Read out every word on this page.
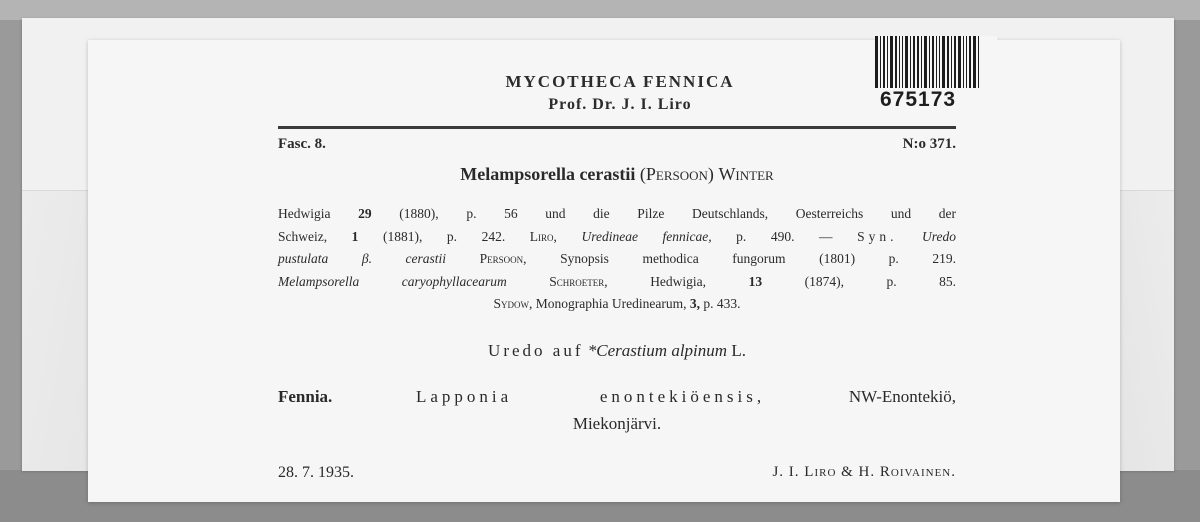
675173
MYCOTHECA FENNICA
Prof. Dr. J. I. Liro
Fasc. 8.	N:o 371.
Melampsorella cerastii (Persoon) Winter
Hedwigia 29 (1880), p. 56 und die Pilze Deutschlands, Oesterreichs und der
Schweiz, 1 (1881), p. 242. Liro, Uredineae fennicae, p. 490. — Syn. Uredo
pustulata β. cerastii Persoon, Synopsis methodica fungorum (1801) p. 219.
Melampsorella caryophyllacearum	Schroeter,	Hedwigia,	13	(1874), p. 85.
Sydow, Monographia Uredinearum, 3, p. 433.
Uredo auf *Cerastium alpinum L.
Fennia.	Lapponia enontekiöensis,	NW-Enontekiö,
Miekonjärvi.
28. 7. 1935.	J. I. Liro & H. Roivainen.
